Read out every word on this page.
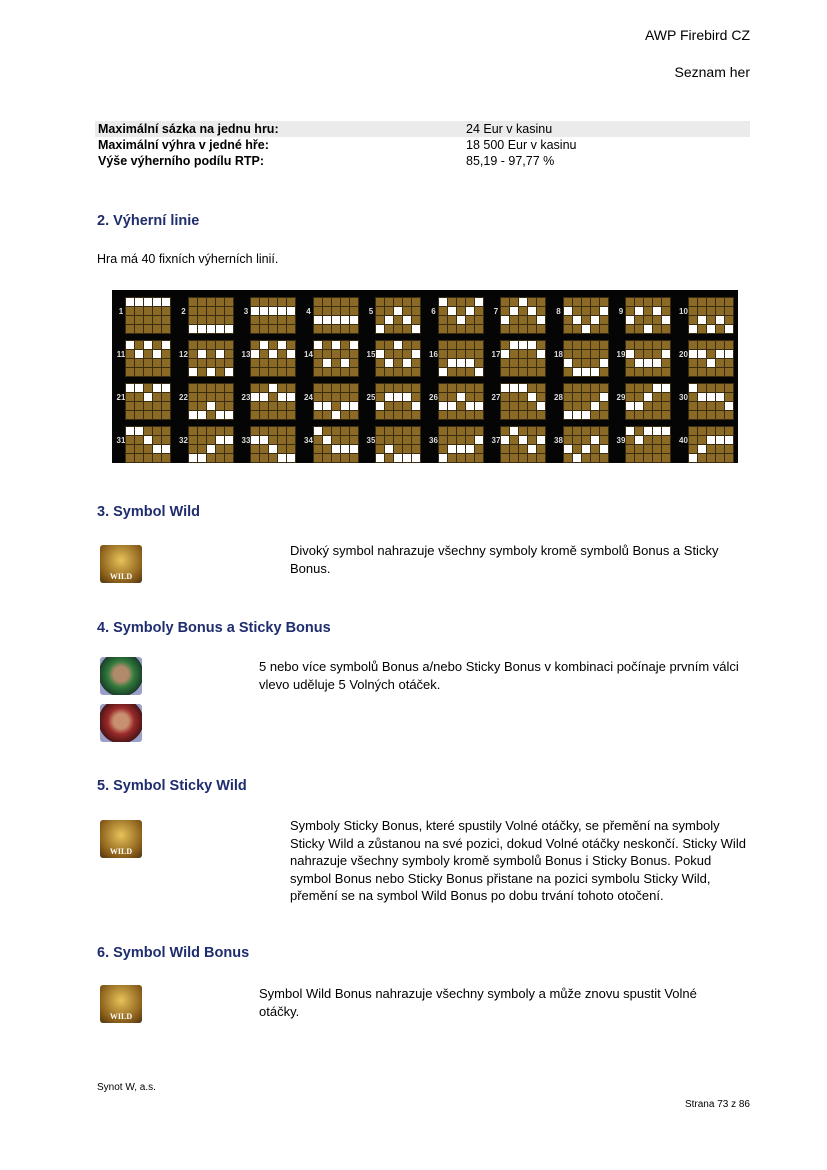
AWP Firebird CZ
Seznam her
Maximální sázka na jednu hru:	24 Eur v kasinu
Maximální výhra v jedné hře:	18 500 Eur v kasinu
Výše výherního podílu RTP:	85,19 - 97,77 %
2. Výherní linie
Hra má 40 fixních výherních linií.
1	2	3	4	5	6	7	8	9	10
11	12	13	14	15	16	17	18	19	20
21	22	23	24	25	26	27	28	29	30
31	32	33	34	35	36	37	38	39	40
3. Symbol Wild
WILD
Divoký symbol nahrazuje všechny symboly kromě symbolů Bonus a Sticky Bonus.
4. Symboly Bonus a Sticky Bonus
5 nebo více symbolů Bonus a/nebo Sticky Bonus v kombinaci počínaje prvním válci vlevo uděluje 5 Volných otáček.
5. Symbol Sticky Wild
WILD
Symboly Sticky Bonus, které spustily Volné otáčky, se přemění na symboly Sticky Wild a zůstanou na své pozici, dokud Volné otáčky neskončí. Sticky Wild nahrazuje všechny symboly kromě symbolů Bonus i Sticky Bonus. Pokud symbol Bonus nebo Sticky Bonus přistane na pozici symbolu Sticky Wild, přemění se na symbol Wild Bonus po dobu trvání tohoto otočení.
6. Symbol Wild Bonus
WILD
Symbol Wild Bonus nahrazuje všechny symboly a může znovu spustit Volné otáčky.
Synot W, a.s.
Strana 73 z 86
